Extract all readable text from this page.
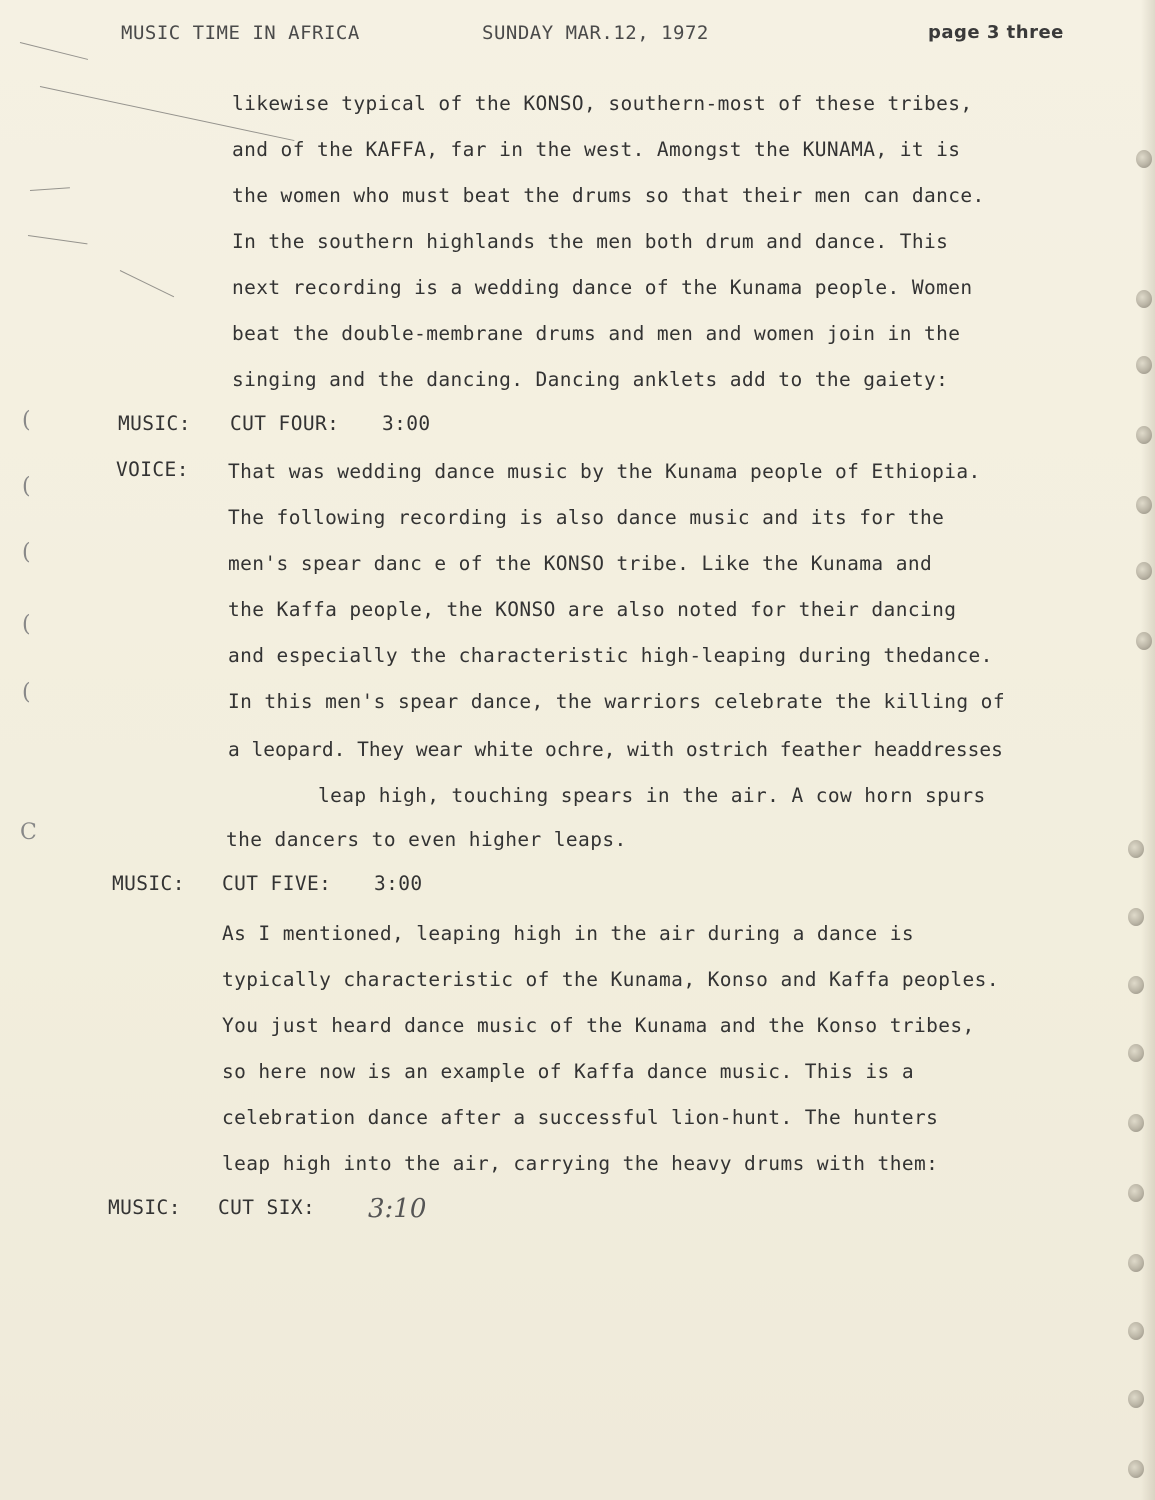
MUSIC TIME IN AFRICA	SUNDAY MAR.12, 1972	page 3 three
(
(
(
(
(
C
likewise typical of the KONSO, southern-most of these tribes,
and of the KAFFA, far in the west. Amongst the KUNAMA, it is
the women who must beat the drums so that their men can dance.
In the southern highlands the men both drum and dance. This
next recording is a wedding dance of the Kunama people. Women
beat the double-membrane drums and men and women join in the
singing and the dancing. Dancing anklets add to the gaiety:
MUSIC: CUT FOUR: 3:00
VOICE: That was wedding dance music by the Kunama people of Ethiopia.
The following recording is also dance music and its for the
men's spear danc e of the KONSO tribe. Like the Kunama and
the Kaffa people, the KONSO are also noted for their dancing
and especially the characteristic high-leaping during thedance.
In this men's spear dance, the warriors celebrate the killing of
a leopard. They wear white ochre, with ostrich feather headdresses
leap high, touching spears in the air. A cow horn spurs
the dancers to even higher leaps.
MUSIC: CUT FIVE: 3:00
As I mentioned, leaping high in the air during a dance is
typically characteristic of the Kunama, Konso and Kaffa peoples.
You just heard dance music of the Kunama and the Konso tribes,
so here now is an example of Kaffa dance music. This is a
celebration dance after a successful lion-hunt. The hunters
leap high into the air, carrying the heavy drums with them:
MUSIC: CUT SIX: 3:10
